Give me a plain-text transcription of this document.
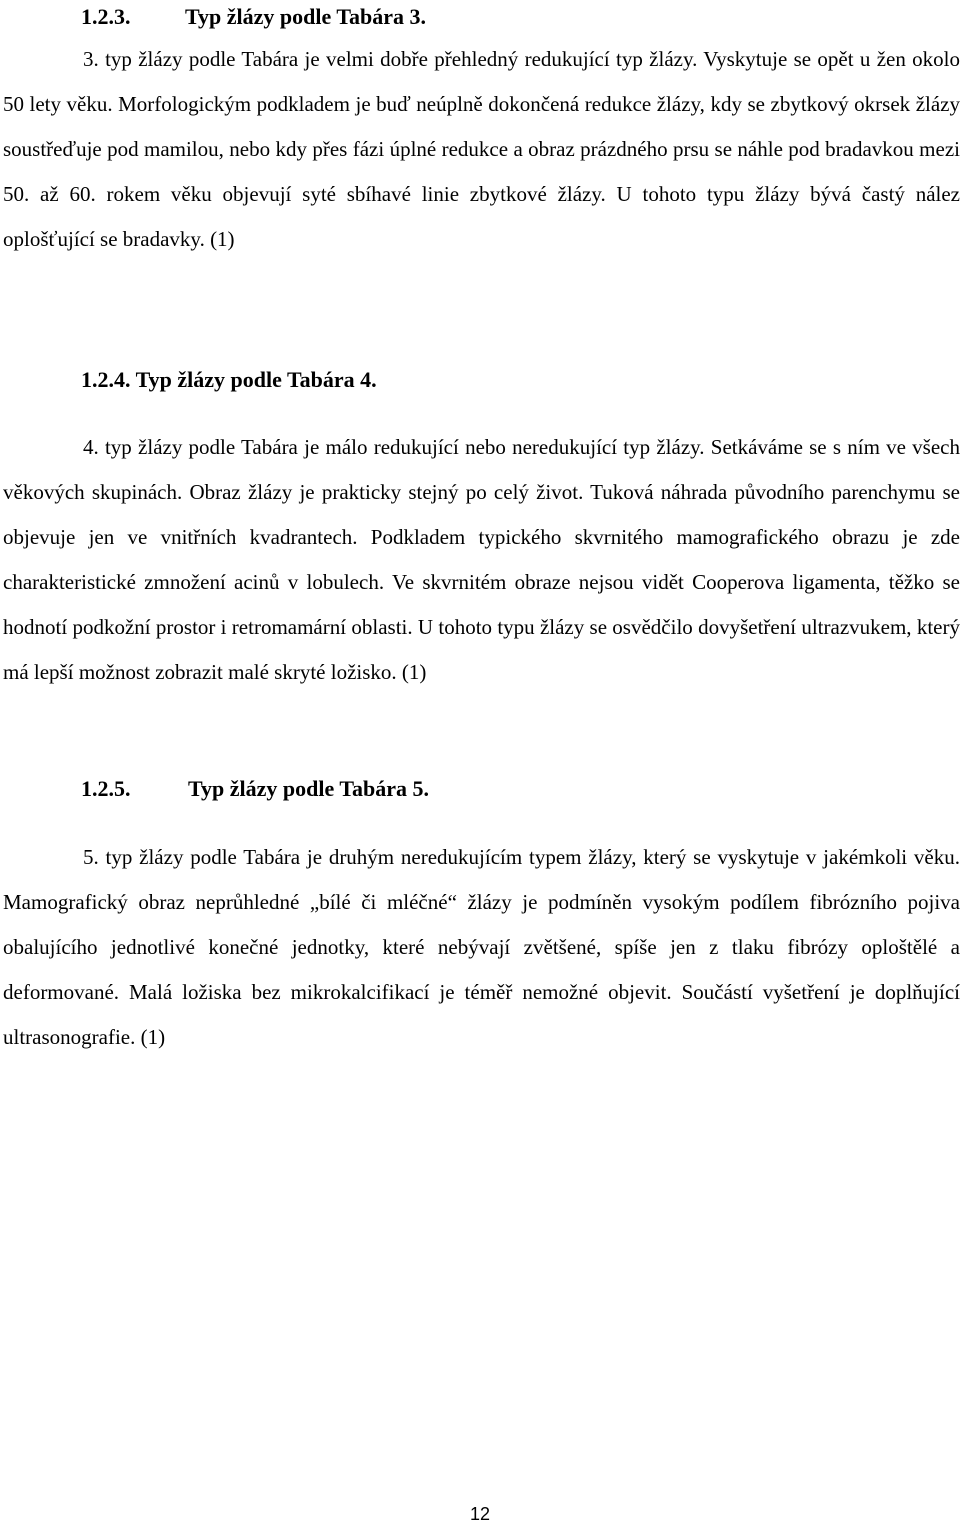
1.2.3. Typ žlázy podle Tabára 3.

3. typ žlázy podle Tabára je velmi dobře přehledný redukující typ žlázy. Vyskytuje se opět u žen okolo 50 lety věku. Morfologickým podkladem je buď neúplně dokončená redukce žlázy, kdy se zbytkový okrsek žlázy soustřeďuje pod mamilou, nebo kdy přes fázi úplné redukce a obraz prázdného prsu se náhle pod bradavkou mezi 50. až 60. rokem věku objevují syté sbíhavé linie zbytkové žlázy. U tohoto typu žlázy bývá častý nález oplošťující se bradavky. (1)

1.2.4. Typ žlázy podle Tabára 4.

4. typ žlázy podle Tabára je málo redukující nebo neredukující typ žlázy. Setkáváme se s ním ve všech věkových skupinách. Obraz žlázy je prakticky stejný po celý život. Tuková náhrada původního parenchymu se objevuje jen ve vnitřních kvadrantech. Podkladem typického skvrnitého mamografického obrazu je zde charakteristické zmnožení acinů v lobulech. Ve skvrnitém obraze nejsou vidět Cooperova ligamenta, těžko se hodnotí podkožní prostor i retromamární oblasti. U tohoto typu žlázy se osvědčilo dovyšetření ultrazvukem, který má lepší možnost zobrazit malé skryté ložisko. (1)

1.2.5.	Typ žlázy podle Tabára 5.

5. typ žlázy podle Tabára je druhým neredukujícím typem žlázy, který se vyskytuje v jakémkoli věku. Mamografický obraz neprůhledné „bílé či mléčné“ žlázy je podmíněn vysokým podílem fibrózního pojiva obalujícího jednotlivé konečné jednotky, které nebývají zvětšené, spíše jen z tlaku fibrózy oploštělé a deformované. Malá ložiska bez mikrokalcifikací je téměř nemožné objevit. Součástí vyšetření je doplňující ultrasonografie. (1)

12
